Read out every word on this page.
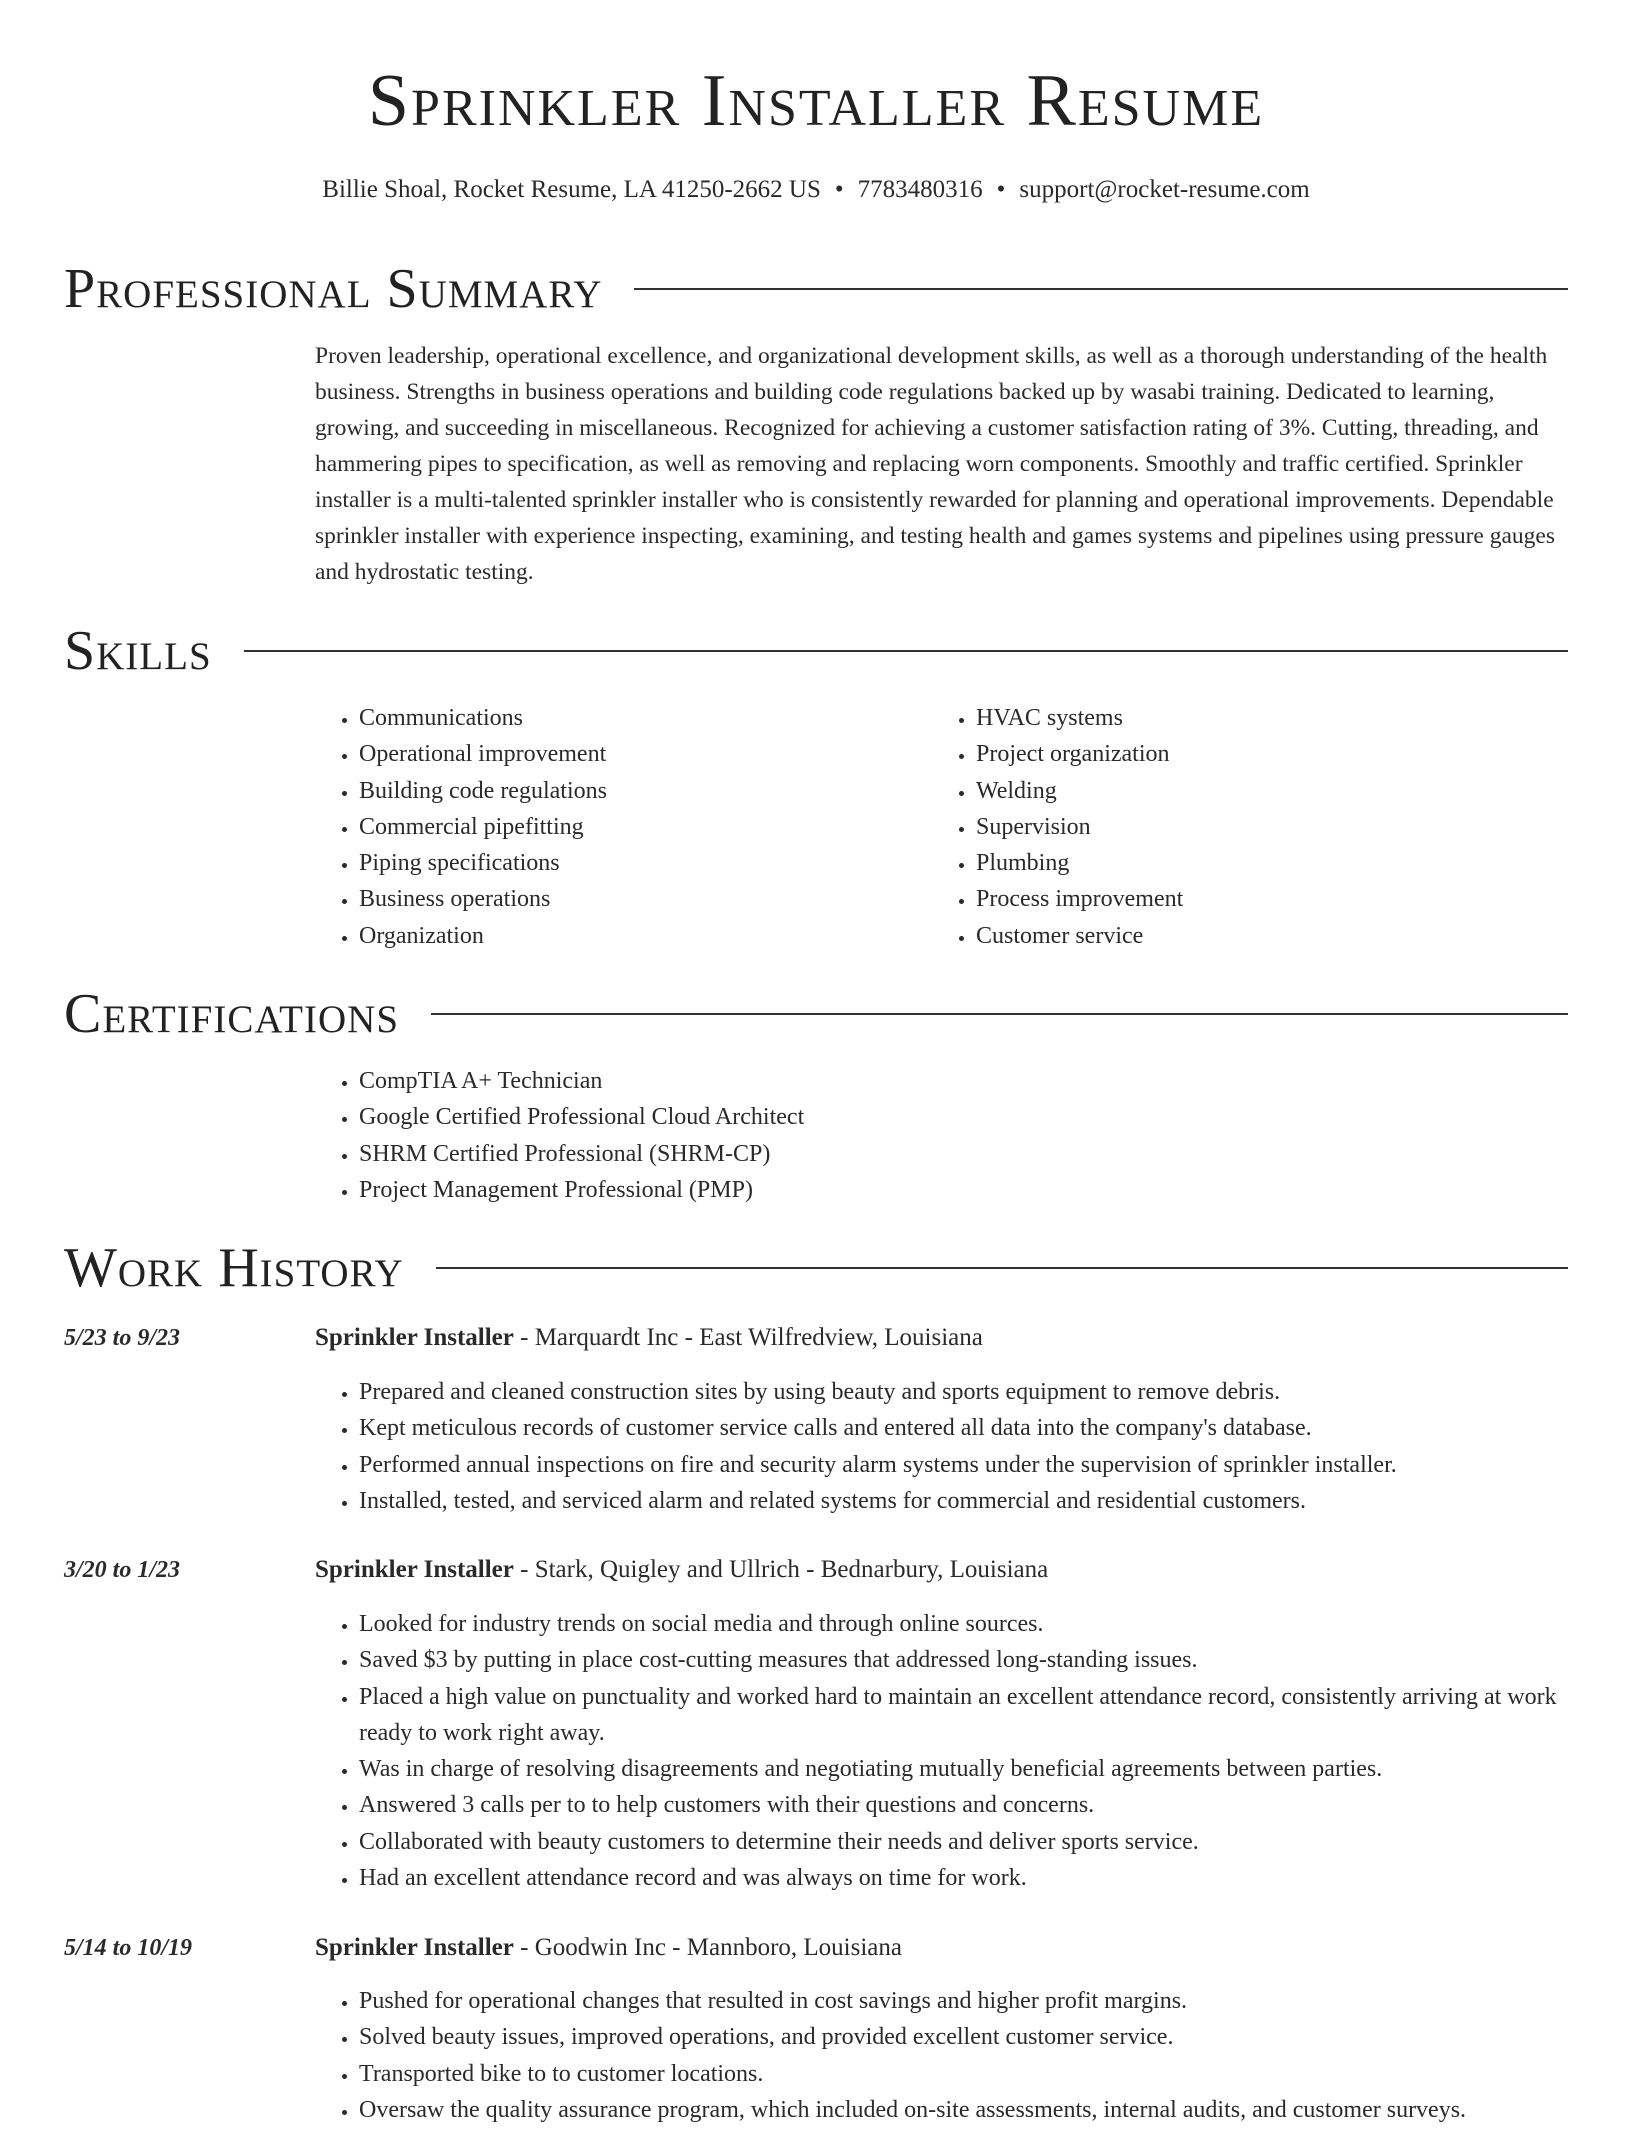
Sprinkler Installer Resume
Billie Shoal, Rocket Resume, LA 41250-2662 US • 7783480316 • support@rocket-resume.com
Professional Summary

Proven leadership, operational excellence, and organizational development skills, as well as a thorough understanding of the health business. Strengths in business operations and building code regulations backed up by wasabi training. Dedicated to learning, growing, and succeeding in miscellaneous. Recognized for achieving a customer satisfaction rating of 3%. Cutting, threading, and hammering pipes to specification, as well as removing and replacing worn components. Smoothly and traffic certified. Sprinkler installer is a multi-talented sprinkler installer who is consistently rewarded for planning and operational improvements. Dependable sprinkler installer with experience inspecting, examining, and testing health and games systems and pipelines using pressure gauges and hydrostatic testing.

Skills
• Communications
• Operational improvement
• Building code regulations
• Commercial pipefitting
• Piping specifications
• Business operations
• Organization
• HVAC systems
• Project organization
• Welding
• Supervision
• Plumbing
• Process improvement
• Customer service
Certifications
• CompTIA A+ Technician
• Google Certified Professional Cloud Architect
• SHRM Certified Professional (SHRM-CP)
• Project Management Professional (PMP)
Work History
5/23 to 9/23	Sprinkler Installer - Marquardt Inc - East Wilfredview, Louisiana
• Prepared and cleaned construction sites by using beauty and sports equipment to remove debris.
• Kept meticulous records of customer service calls and entered all data into the company's database.
• Performed annual inspections on fire and security alarm systems under the supervision of sprinkler installer.
• Installed, tested, and serviced alarm and related systems for commercial and residential customers.
3/20 to 1/23	Sprinkler Installer - Stark, Quigley and Ullrich - Bednarbury, Louisiana
• Looked for industry trends on social media and through online sources.
• Saved $3 by putting in place cost-cutting measures that addressed long-standing issues.
• Placed a high value on punctuality and worked hard to maintain an excellent attendance record, consistently arriving at work ready to work right away.
• Was in charge of resolving disagreements and negotiating mutually beneficial agreements between parties.
• Answered 3 calls per to to help customers with their questions and concerns.
• Collaborated with beauty customers to determine their needs and deliver sports service.
• Had an excellent attendance record and was always on time for work.
5/14 to 10/19	Sprinkler Installer - Goodwin Inc - Mannboro, Louisiana
• Pushed for operational changes that resulted in cost savings and higher profit margins.
• Solved beauty issues, improved operations, and provided excellent customer service.
• Transported bike to to customer locations.
• Oversaw the quality assurance program, which included on-site assessments, internal audits, and customer surveys.
